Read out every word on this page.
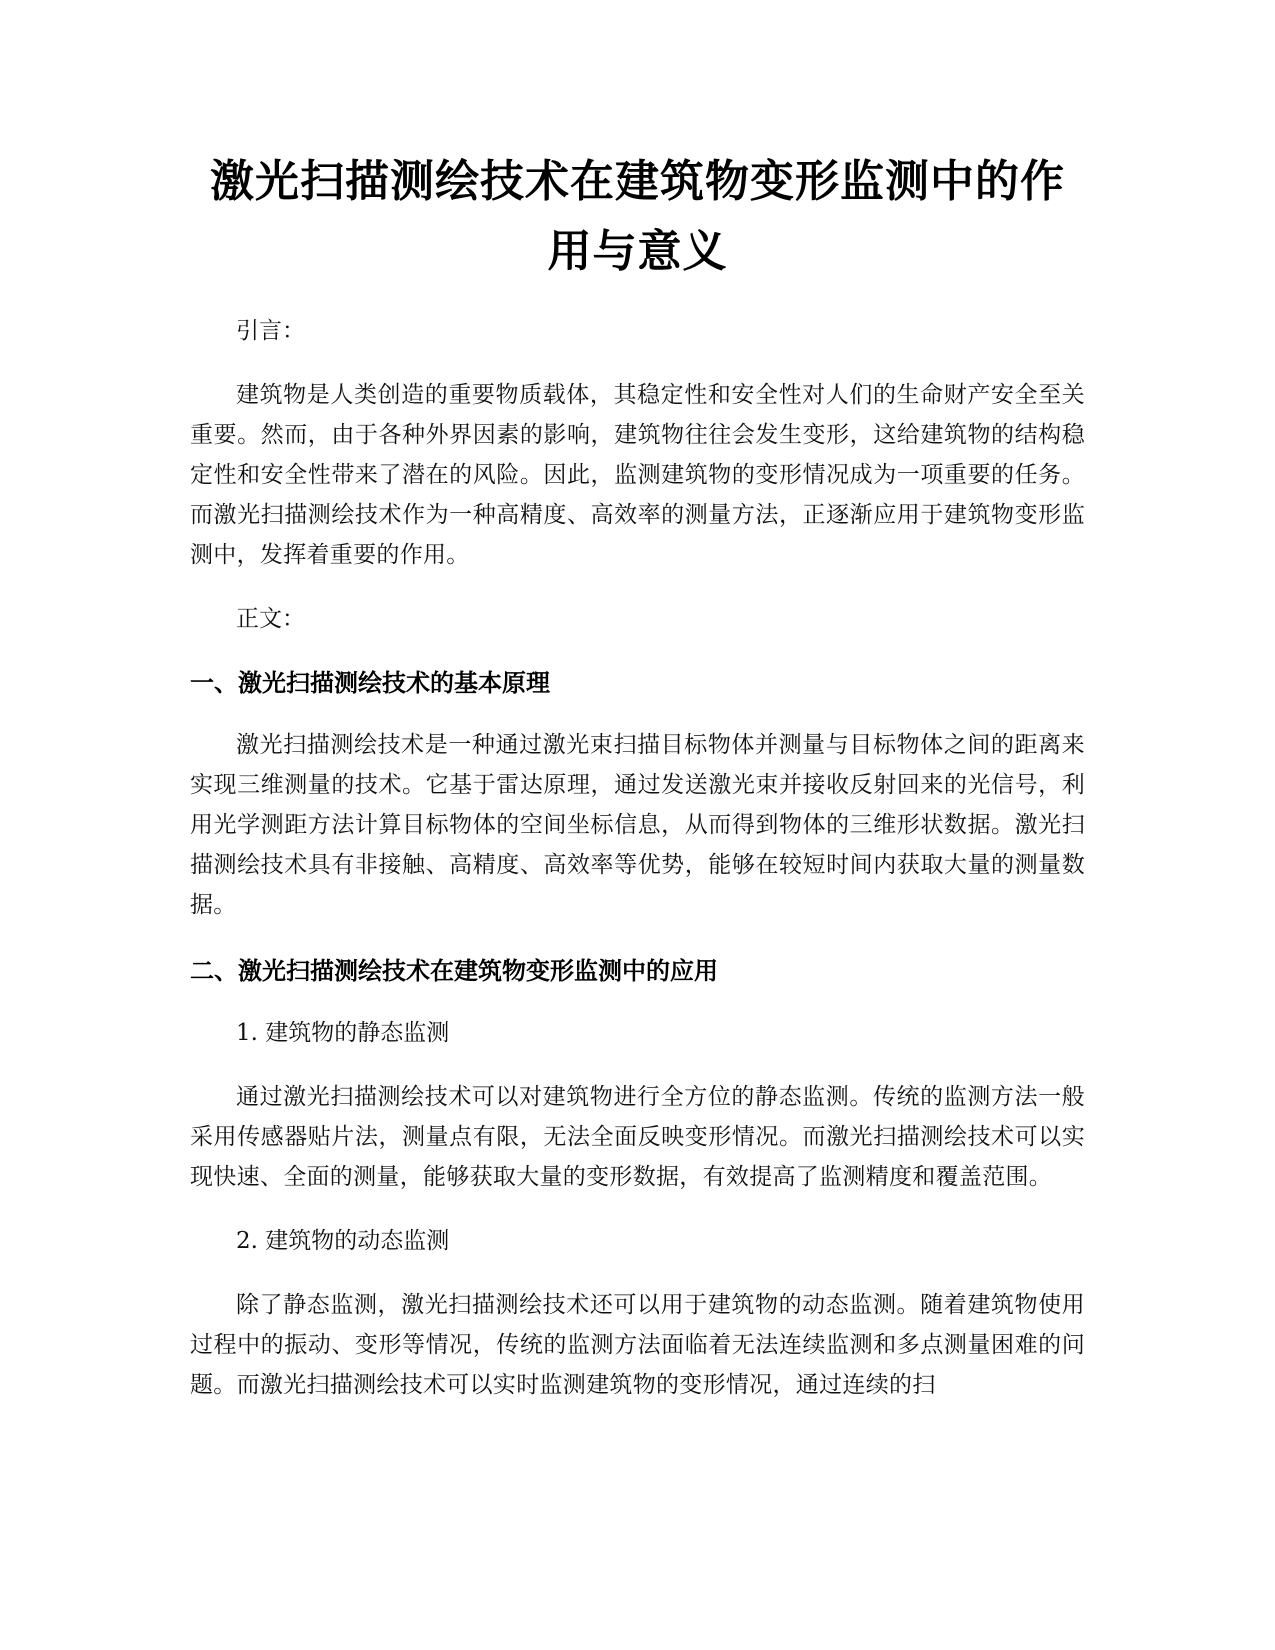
激光扫描测绘技术在建筑物变形监测中的作
用与意义

引言：

建筑物是人类创造的重要物质载体，其稳定性和安全性对人们的生命财产安全至关重要。然而，由于各种外界因素的影响，建筑物往往会发生变形，这给建筑物的结构稳定性和安全性带来了潜在的风险。因此，监测建筑物的变形情况成为一项重要的任务。而激光扫描测绘技术作为一种高精度、高效率的测量方法，正逐渐应用于建筑物变形监测中，发挥着重要的作用。

正文：

一、激光扫描测绘技术的基本原理

激光扫描测绘技术是一种通过激光束扫描目标物体并测量与目标物体之间的距离来实现三维测量的技术。它基于雷达原理，通过发送激光束并接收反射回来的光信号，利用光学测距方法计算目标物体的空间坐标信息，从而得到物体的三维形状数据。激光扫描测绘技术具有非接触、高精度、高效率等优势，能够在较短时间内获取大量的测量数据。

二、激光扫描测绘技术在建筑物变形监测中的应用

1. 建筑物的静态监测

通过激光扫描测绘技术可以对建筑物进行全方位的静态监测。传统的监测方法一般采用传感器贴片法，测量点有限，无法全面反映变形情况。而激光扫描测绘技术可以实现快速、全面的测量，能够获取大量的变形数据，有效提高了监测精度和覆盖范围。

2. 建筑物的动态监测

除了静态监测，激光扫描测绘技术还可以用于建筑物的动态监测。随着建筑物使用过程中的振动、变形等情况，传统的监测方法面临着无法连续监测和多点测量困难的问题。而激光扫描测绘技术可以实时监测建筑物的变形情况，通过连续的扫
